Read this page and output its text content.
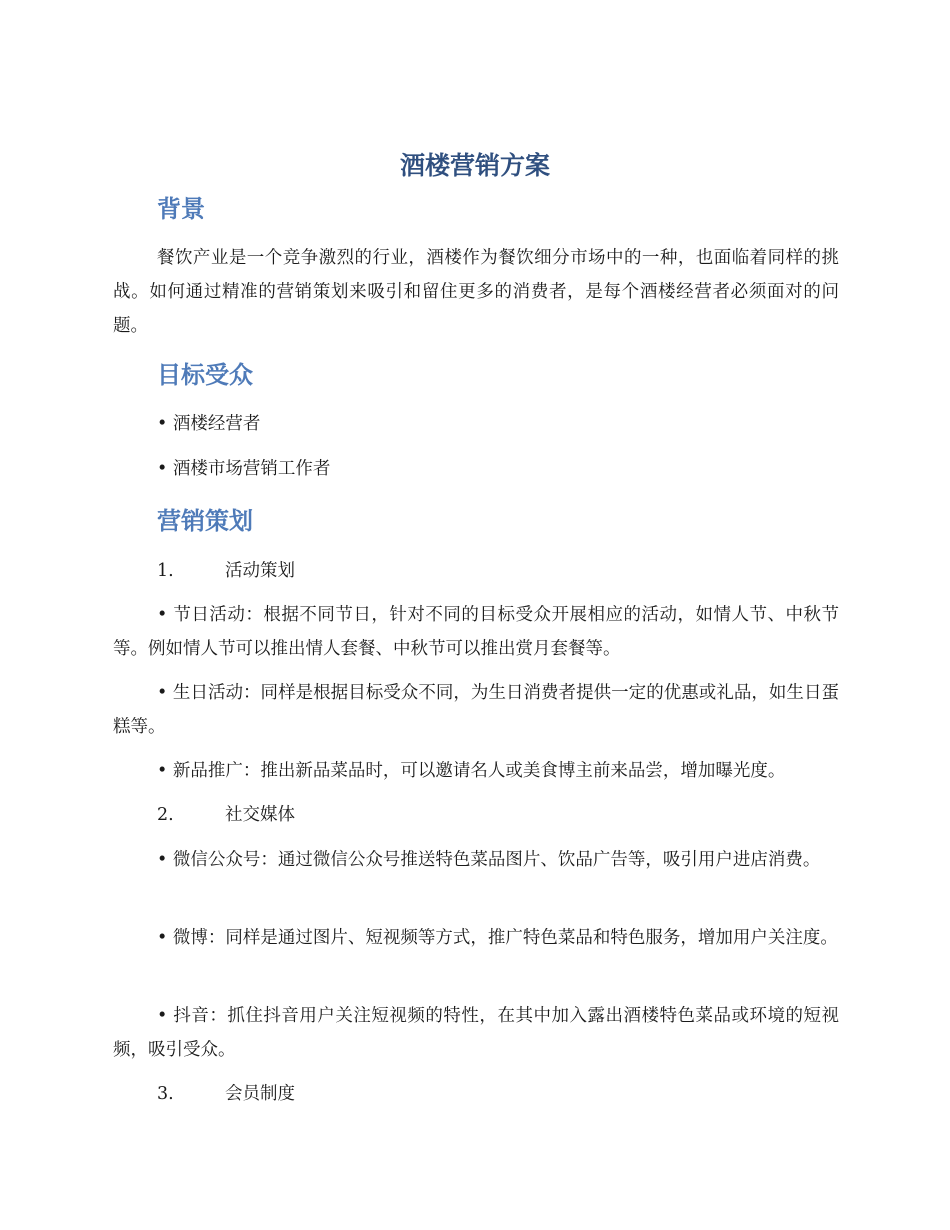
酒楼营销方案
背景

餐饮产业是一个竞争激烈的行业，酒楼作为餐饮细分市场中的一种，也面临着同样的挑战。如何通过精准的营销策划来吸引和留住更多的消费者，是每个酒楼经营者必须面对的问题。

目标受众

• 酒楼经营者

• 酒楼市场营销工作者

营销策划

1.	活动策划

• 节日活动：根据不同节日，针对不同的目标受众开展相应的活动，如情人节、中秋节等。例如情人节可以推出情人套餐、中秋节可以推出赏月套餐等。

• 生日活动：同样是根据目标受众不同，为生日消费者提供一定的优惠或礼品，如生日蛋糕等。

• 新品推广：推出新品菜品时，可以邀请名人或美食博主前来品尝，增加曝光度。

2.	社交媒体

• 微信公众号：通过微信公众号推送特色菜品图片、饮品广告等，吸引用户进店消费。

• 微博：同样是通过图片、短视频等方式，推广特色菜品和特色服务，增加用户关注度。

• 抖音：抓住抖音用户关注短视频的特性，在其中加入露出酒楼特色菜品或环境的短视频，吸引受众。

3.	会员制度
